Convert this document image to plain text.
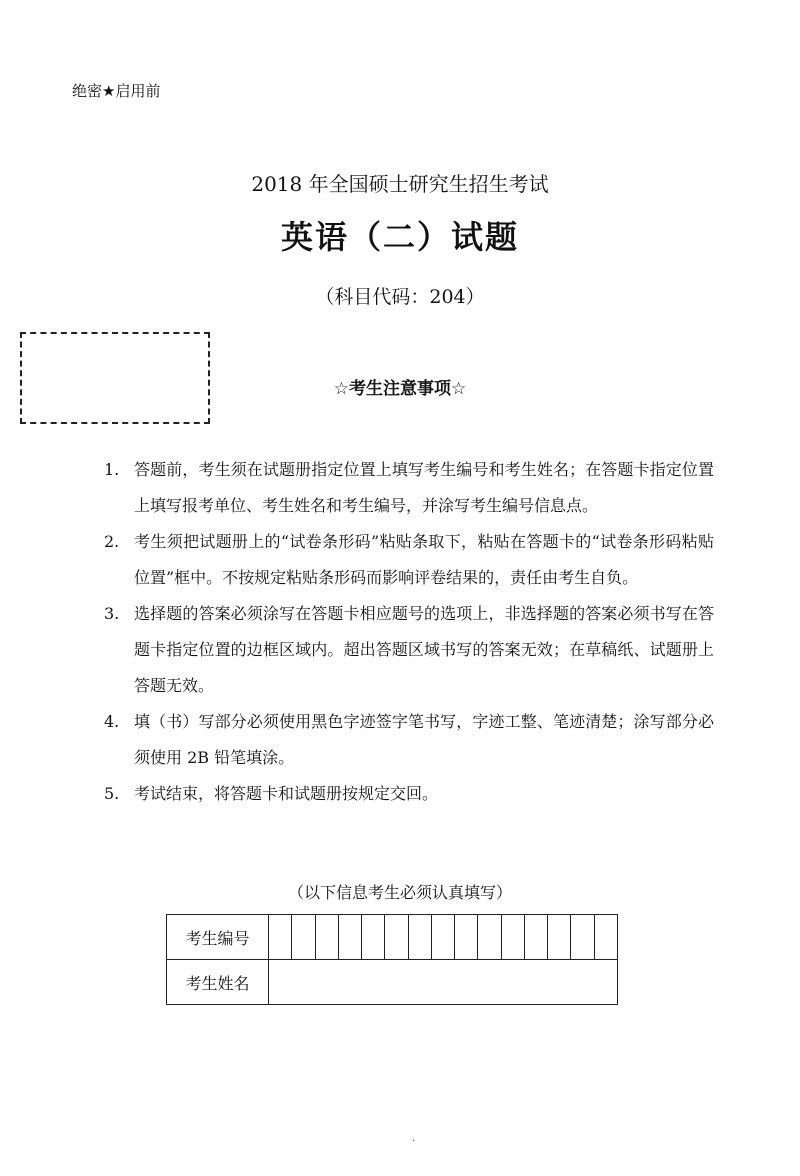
绝密★启用前
2018 年全国硕士研究生招生考试
英语（二）试题
（科目代码：204）
☆考生注意事项☆
1. 答题前，考生须在试题册指定位置上填写考生编号和考生姓名；在答题卡指定位置上填写报考单位、考生姓名和考生编号，并涂写考生编号信息点。
2. 考生须把试题册上的“试卷条形码”粘贴条取下，粘贴在答题卡的“试卷条形码粘贴位置”框中。不按规定粘贴条形码而影响评卷结果的，责任由考生自负。
3. 选择题的答案必须涂写在答题卡相应题号的选项上，非选择题的答案必须书写在答题卡指定位置的边框区域内。超出答题区域书写的答案无效；在草稿纸、试题册上答题无效。
4. 填（书）写部分必须使用黑色字迹签字笔书写，字迹工整、笔迹清楚；涂写部分必须使用 2B 铅笔填涂。
5. 考试结束，将答题卡和试题册按规定交回。
（以下信息考生必须认真填写）
考生编号															
考生姓名															
·
